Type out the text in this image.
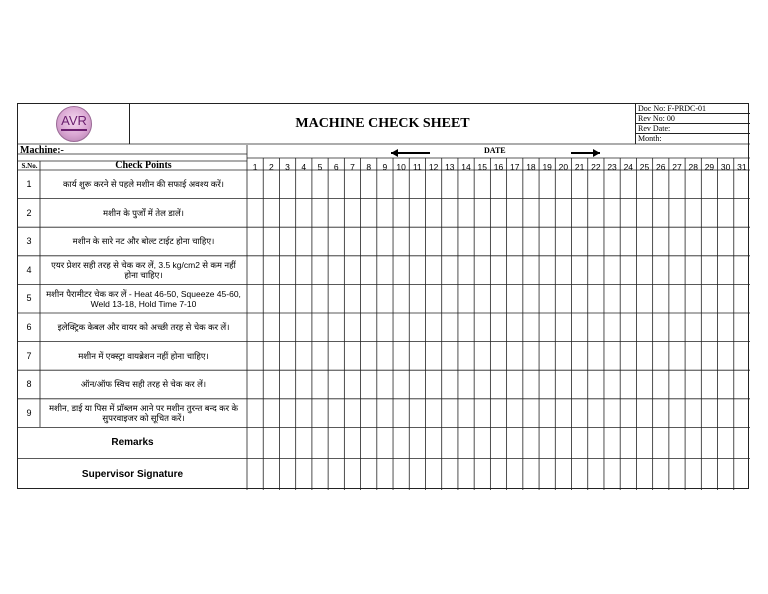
AVR	MACHINE CHECK SHEET
Doc No: F-PRDC-01
Rev No: 00
Rev Date:
Month:
Machine:-	DATE
S.No.	Check Points	1	2	3	4	5	6	7	8	9	10 11 12 13 14 15 16 17 18 19 20 21 22 23 24 25 26 27 28 29 30 31
1	कार्य शुरू करने से पहले मशीन की सफाई अवश्य करें।
2	मशीन के पुर्जों में तेल डालें।
3	मशीन के सारे नट और बोल्ट टाईट होना चाहिए।
4	एयर प्रेशर सही तरह से चेक कर लें, 3.5 kg/cm2 से कम नहीं होना चाहिए।
5	मशीन पैरामीटर चेक कर लें - Heat 46-50, Squeeze 45-60, Weld 13-18, Hold Time 7-10
6	इलेक्ट्रिक केबल और वायर को अच्छी तरह से चेक कर लें।
7	मशीन में एक्स्ट्रा वायब्रेशन नहीं होना चाहिए।
8	ऑन/ऑफ स्विच सही तरह से चेक कर लें।
9	मशीन, डाई या पिस में प्रॉब्लम आने पर मशीन तुरन्त बन्द कर के सुपरवाइजर को सूचित करें।
Remarks
Supervisor Signature
